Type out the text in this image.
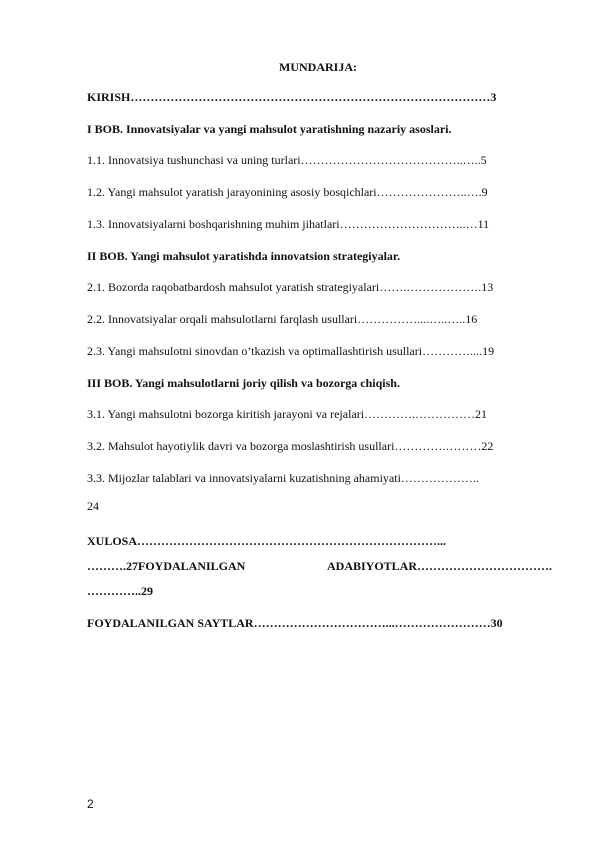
MUNDARIJA:
KIRISH………………………………………………………………………………3
I BOB. Innovatsiyalar va yangi mahsulot yaratishning nazariy asoslari.
1.1. Innovatsiya tushunchasi va uning turlari…………………………………..…..5
1.2. Yangi mahsulot yaratish jarayonining asosiy bosqichlari…………………..….9
1.3. Innovatsiyalarni boshqarishning muhim jihatlari…………………………..…11
II BOB. Yangi mahsulot yaratishda innovatsion strategiyalar.
2.1. Bozorda raqobatbardosh mahsulot yaratish strategiyalari…….……………….13
2.2. Innovatsiyalar orqali mahsulotlarni farqlash usullari……………....…..…..16
2.3. Yangi mahsulotni sinovdan o’tkazish va optimallashtirish usullari…………....19
III BOB. Yangi mahsulotlarni joriy qilish va bozorga chiqish.
3.1. Yangi mahsulotni bozorga kiritish jarayoni va rejalari………….……………21
3.2. Mahsulot hayotiylik davri va bozorga moslashtirish usullari………….………22
3.3. Mijozlar talablari va innovatsiyalarni kuzatishning ahamiyati………………..
24
XULOSA…………………………………………………………………...
……….27FOYDALANILGAN	ADABIYOTLAR…………………………….
…………..29
FOYDALANILGAN SAYTLAR……………………………...……………………30
2
